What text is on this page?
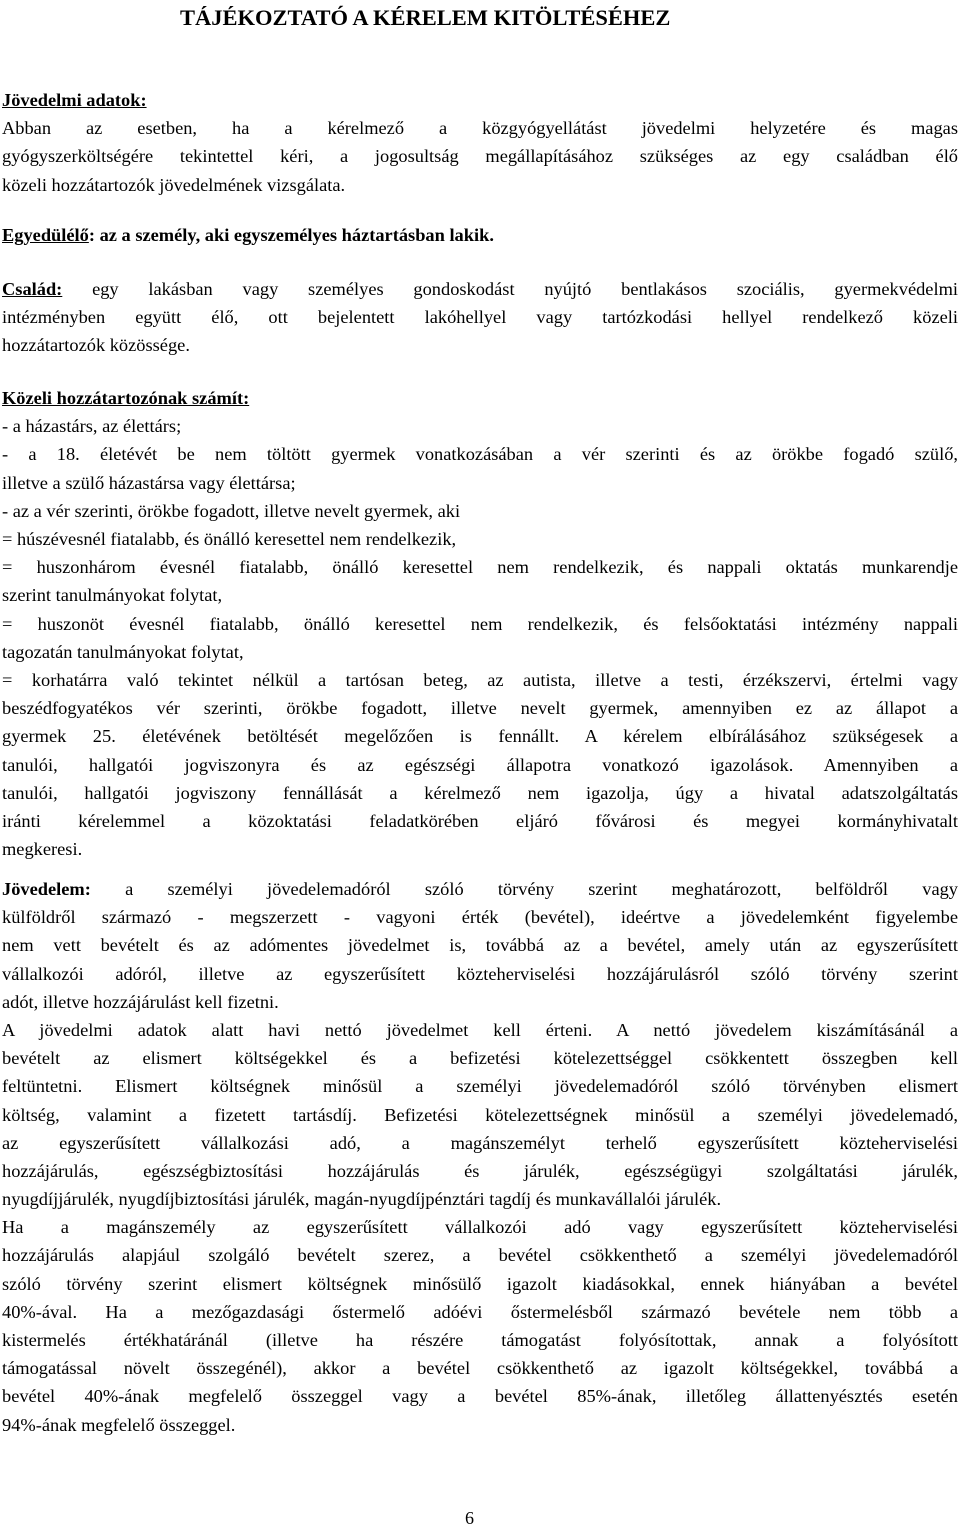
TÁJÉKOZTATÓ A KÉRELEM KITÖLTÉSÉHEZ
Jövedelmi adatok:
Abban az esetben, ha a kérelmező a közgyógyellátást jövedelmi helyzetére és magas
gyógyszerköltségére tekintettel kéri, a jogosultság megállapításához szükséges az egy családban élő
közeli hozzátartozók jövedelmének vizsgálata.
Egyedülélő: az a személy, aki egyszemélyes háztartásban lakik.
Család: egy lakásban vagy személyes gondoskodást nyújtó bentlakásos szociális, gyermekvédelmi
intézményben együtt élő, ott bejelentett lakóhellyel vagy tartózkodási hellyel rendelkező közeli
hozzátartozók közössége.
Közeli hozzátartozónak számít:
- a házastárs, az élettárs;
- a 18. életévét be nem töltött gyermek vonatkozásában a vér szerinti és az örökbe fogadó szülő,
illetve a szülő házastársa vagy élettársa;
- az a vér szerinti, örökbe fogadott, illetve nevelt gyermek, aki
= húszévesnél fiatalabb, és önálló keresettel nem rendelkezik,
= huszonhárom évesnél fiatalabb, önálló keresettel nem rendelkezik, és nappali oktatás munkarendje
szerint tanulmányokat folytat,
= huszonöt évesnél fiatalabb, önálló keresettel nem rendelkezik, és felsőoktatási intézmény nappali
tagozatán tanulmányokat folytat,
= korhatárra való tekintet nélkül a tartósan beteg, az autista, illetve a testi, érzékszervi, értelmi vagy
beszédfogyatékos vér szerinti, örökbe fogadott, illetve nevelt gyermek, amennyiben ez az állapot a
gyermek 25. életévének betöltését megelőzően is fennállt. A kérelem elbírálásához szükségesek a
tanulói, hallgatói jogviszonyra és az egészségi állapotra vonatkozó igazolások. Amennyiben a
tanulói, hallgatói jogviszony fennállását a kérelmező nem igazolja, úgy a hivatal adatszolgáltatás
iránti kérelemmel a közoktatási feladatkörében eljáró fővárosi és megyei kormányhivatalt
megkeresi.
Jövedelem: a személyi jövedelemadóról szóló törvény szerint meghatározott, belföldről vagy
külföldről származó - megszerzett - vagyoni érték (bevétel), ideértve a jövedelemként figyelembe
nem vett bevételt és az adómentes jövedelmet is, továbbá az a bevétel, amely után az egyszerűsített
vállalkozói adóról, illetve az egyszerűsített közteherviselési hozzájárulásról szóló törvény szerint
adót, illetve hozzájárulást kell fizetni.
A jövedelmi adatok alatt havi nettó jövedelmet kell érteni. A nettó jövedelem kiszámításánál a
bevételt az elismert költségekkel és a befizetési kötelezettséggel csökkentett összegben kell
feltüntetni. Elismert költségnek minősül a személyi jövedelemadóról szóló törvényben elismert
költség, valamint a fizetett tartásdíj. Befizetési kötelezettségnek minősül a személyi jövedelemadó,
az egyszerűsített vállalkozási adó, a magánszemélyt terhelő egyszerűsített közteherviselési
hozzájárulás, egészségbiztosítási hozzájárulás és járulék, egészségügyi szolgáltatási járulék,
nyugdíjjárulék, nyugdíjbiztosítási járulék, magán-nyugdíjpénztári tagdíj és munkavállalói járulék.
Ha a magánszemély az egyszerűsített vállalkozói adó vagy egyszerűsített közteherviselési
hozzájárulás alapjául szolgáló bevételt szerez, a bevétel csökkenthető a személyi jövedelemadóról
szóló törvény szerint elismert költségnek minősülő igazolt kiadásokkal, ennek hiányában a bevétel
40%-ával. Ha a mezőgazdasági őstermelő adóévi őstermelésből származó bevétele nem több a
kistermelés értékhatáránál (illetve ha részére támogatást folyósítottak, annak a folyósított
támogatással növelt összegénél), akkor a bevétel csökkenthető az igazolt költségekkel, továbbá a
bevétel 40%-ának megfelelő összeggel vagy a bevétel 85%-ának, illetőleg állattenyésztés esetén
94%-ának megfelelő összeggel.
6
